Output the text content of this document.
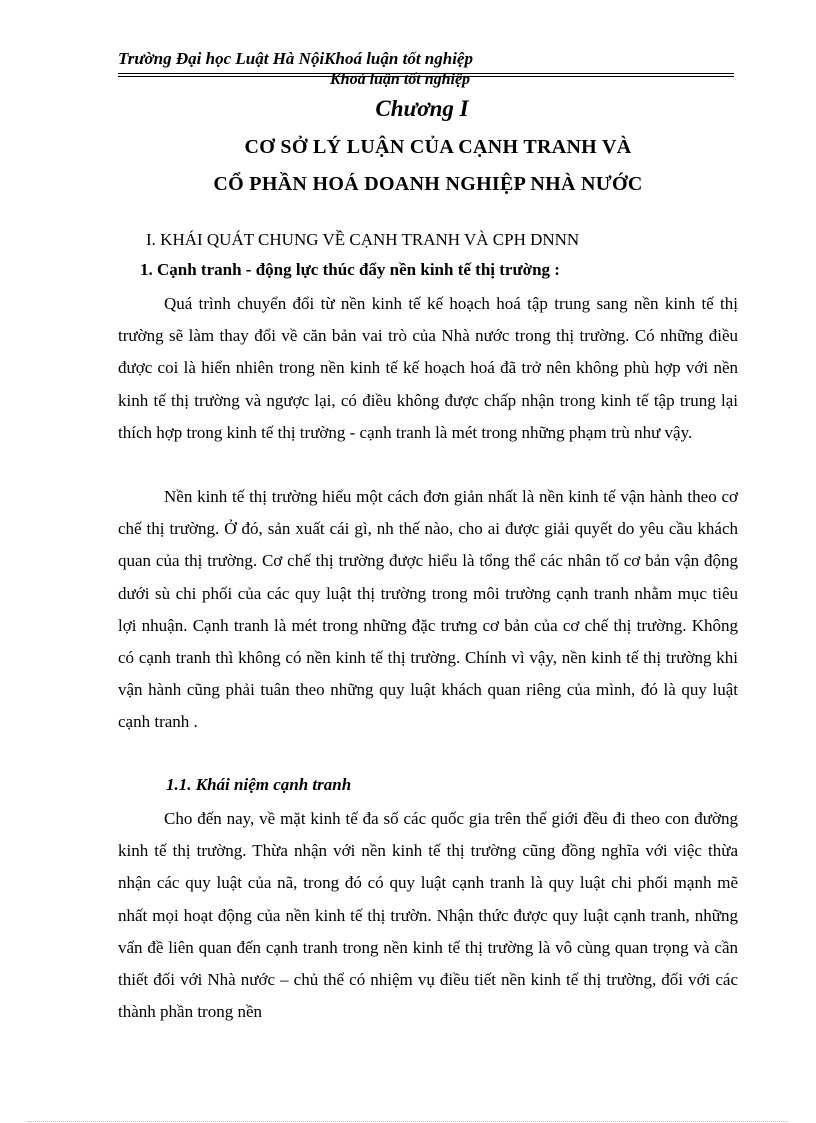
Trường Đại học Luật Hà NộiKhoá luận tốt nghiệp
Khoá luận tốt nghiệp
Chương I
CƠ SỞ LÝ LUẬN CỦA CẠNH TRANH VÀ
CỔ PHẦN HOÁ DOANH NGHIỆP NHÀ NƯỚC
I. KHÁI QUÁT CHUNG VỀ CẠNH TRANH VÀ CPH DNNN
1. Cạnh tranh - động lực thúc đẩy nền kinh tế thị trường :

Quá trình chuyển đổi từ nền kinh tế kế hoạch hoá tập trung sang nền kinh tế thị trường sẽ làm thay đổi về căn bản vai trò của Nhà nước trong thị trường. Có những điều được coi là hiển nhiên trong nền kinh tế kế hoạch hoá đã trở nên không phù hợp với nền kinh tế thị trường và ngược lại, có điều không được chấp nhận trong kinh tế tập trung lại thích hợp trong kinh tế thị trường - cạnh tranh là mét trong những phạm trù như vậy.

Nền kinh tế thị trường hiểu một cách đơn giản nhất là nền kinh tế vận hành theo cơ chế thị trường. Ở đó, sản xuất cái gì, nh thế nào, cho ai được giải quyết do yêu cầu khách quan của thị trường. Cơ chế thị trường được hiểu là tổng thể các nhân tố cơ bản vận động dưới sù chi phối của các quy luật thị trường trong môi trường cạnh tranh nhằm mục tiêu lợi nhuận. Cạnh tranh là mét trong những đặc trưng cơ bản của cơ chế thị trường. Không có cạnh tranh thì không có nền kinh tế thị trường. Chính vì vậy, nền kinh tế thị trường khi vận hành cũng phải tuân theo những quy luật khách quan riêng của mình, đó là quy luật cạnh tranh .

1.1. Khái niệm cạnh tranh

Cho đến nay, về mặt kinh tế đa số các quốc gia trên thế giới đều đi theo con đường kinh tế thị trường. Thừa nhận với nền kinh tế thị trường cũng đồng nghĩa với việc thừa nhận các quy luật của nã, trong đó có quy luật cạnh tranh là quy luật chi phối mạnh mẽ nhất mọi hoạt động của nền kinh tế thị trườn. Nhận thức được quy luật cạnh tranh, những vấn đề liên quan đến cạnh tranh trong nền kinh tế thị trường là vô cùng quan trọng và cần thiết đối với Nhà nước – chủ thể có nhiệm vụ điều tiết nền kinh tế thị trường, đối với các thành phần trong nền
